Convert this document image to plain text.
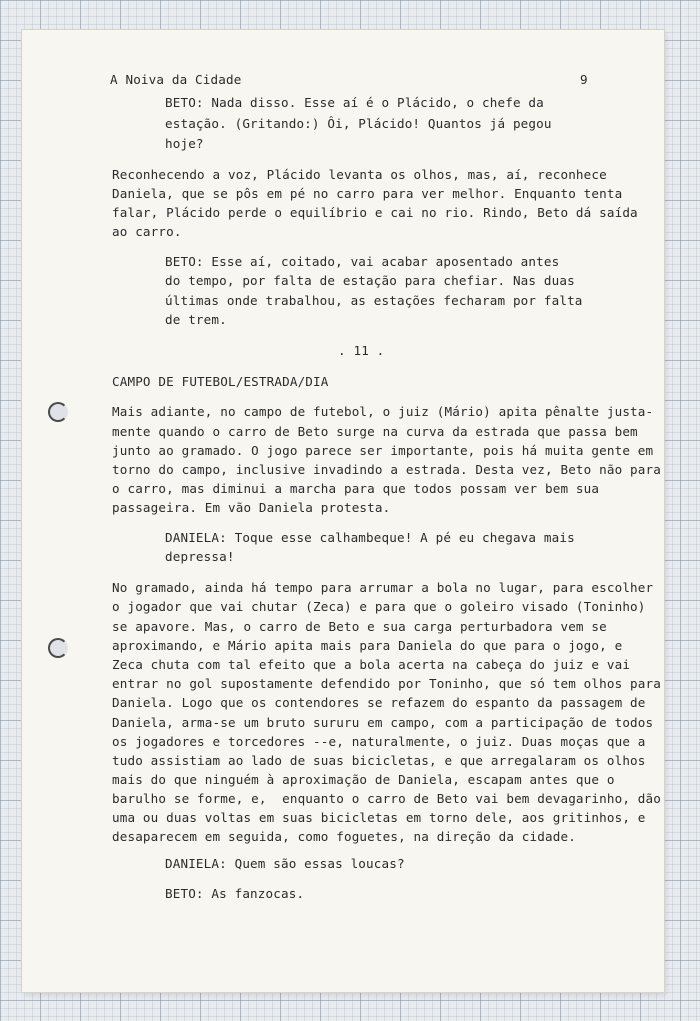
A Noiva da Cidade	9
BETO: Nada disso. Esse aí é o Plácido, o chefe da
estação. (Gritando:) Ôi, Plácido! Quantos já pegou
hoje?
Reconhecendo a voz, Plácido levanta os olhos, mas, aí, reconhece
Daniela, que se pôs em pé no carro para ver melhor. Enquanto tenta
falar, Plácido perde o equilíbrio e cai no rio. Rindo, Beto dá saída
ao carro.
BETO: Esse aí, coitado, vai acabar aposentado antes
do tempo, por falta de estação para chefiar. Nas duas
últimas onde trabalhou, as estações fecharam por falta
de trem.
. 11 .
CAMPO DE FUTEBOL/ESTRADA/DIA
Mais adiante, no campo de futebol, o juiz (Mário) apita pênalte justa-
mente quando o carro de Beto surge na curva da estrada que passa bem
junto ao gramado. O jogo parece ser importante, pois há muita gente em
torno do campo, inclusive invadindo a estrada. Desta vez, Beto não para
o carro, mas diminui a marcha para que todos possam ver bem sua
passageira. Em vão Daniela protesta.
DANIELA: Toque esse calhambeque! A pé eu chegava mais
depressa!
No gramado, ainda há tempo para arrumar a bola no lugar, para escolher
o jogador que vai chutar (Zeca) e para que o goleiro visado (Toninho)
se apavore. Mas, o carro de Beto e sua carga perturbadora vem se
aproximando, e Mário apita mais para Daniela do que para o jogo, e
Zeca chuta com tal efeito que a bola acerta na cabeça do juiz e vai
entrar no gol supostamente defendido por Toninho, que só tem olhos para
Daniela. Logo que os contendores se refazem do espanto da passagem de
Daniela, arma-se um bruto sururu em campo, com a participação de todos
os jogadores e torcedores --e, naturalmente, o juiz. Duas moças que a
tudo assistiam ao lado de suas bicicletas, e que arregalaram os olhos
mais do que ninguém à aproximação de Daniela, escapam antes que o
barulho se forme, e,  enquanto o carro de Beto vai bem devagarinho, dão
uma ou duas voltas em suas bicicletas em torno dele, aos gritinhos, e
desaparecem em seguida, como foguetes, na direção da cidade.
DANIELA: Quem são essas loucas?
BETO: As fanzocas.
